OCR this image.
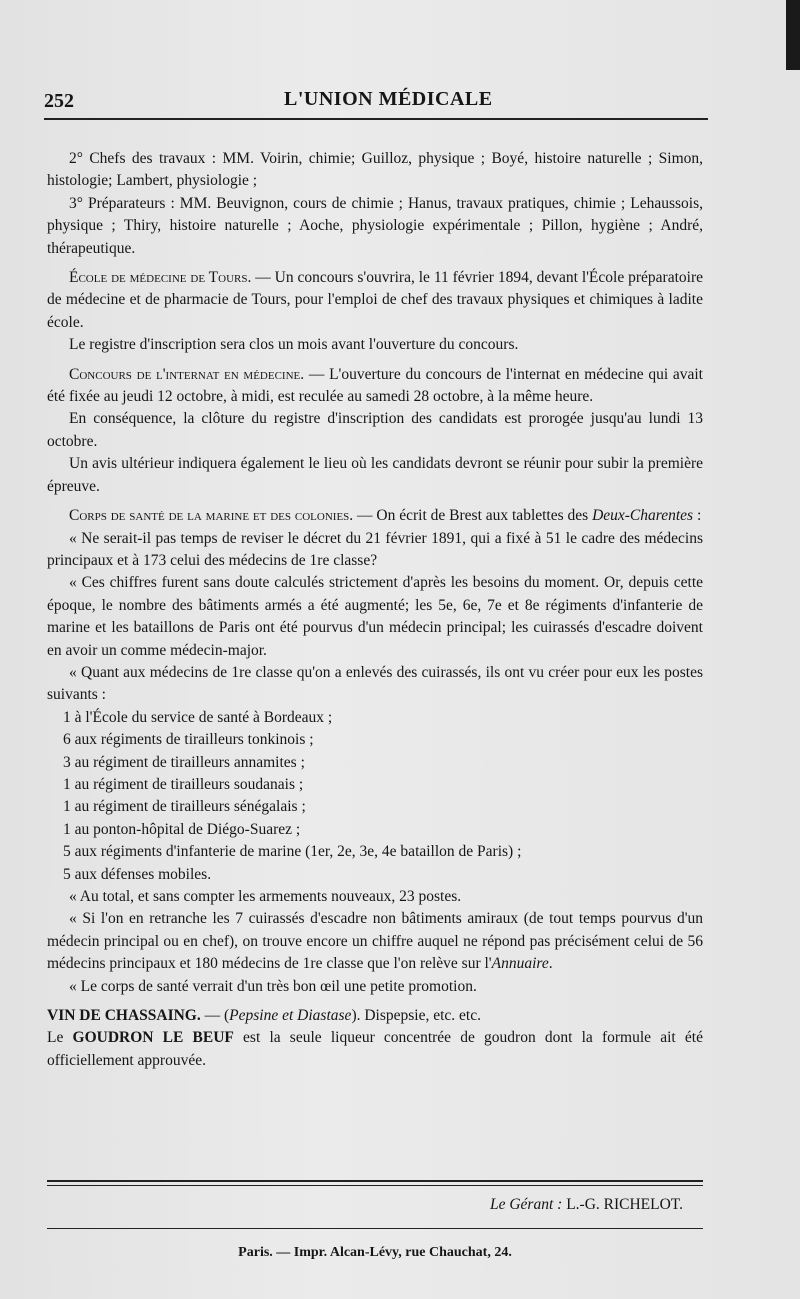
252	L'UNION MÉDICALE

2° Chefs des travaux : MM. Voirin, chimie; Guilloz, physique ; Boyé, histoire naturelle ; Simon, histologie; Lambert, physiologie ;

3° Préparateurs : MM. Beuvignon, cours de chimie ; Hanus, travaux pratiques, chimie ; Lehaussois, physique ; Thiry, histoire naturelle ; Aoche, physiologie expérimentale ; Pillon, hygiène ; André, thérapeutique.

École de médecine de Tours. — Un concours s'ouvrira, le 11 février 1894, devant l'École préparatoire de médecine et de pharmacie de Tours, pour l'emploi de chef des travaux physiques et chimiques à ladite école.

Le registre d'inscription sera clos un mois avant l'ouverture du concours.

Concours de l'internat en médecine. — L'ouverture du concours de l'internat en médecine qui avait été fixée au jeudi 12 octobre, à midi, est reculée au samedi 28 octobre, à la même heure.

En conséquence, la clôture du registre d'inscription des candidats est prorogée jusqu'au lundi 13 octobre.

Un avis ultérieur indiquera également le lieu où les candidats devront se réunir pour subir la première épreuve.

Corps de santé de la marine et des colonies. — On écrit de Brest aux tablettes des Deux-Charentes :

« Ne serait-il pas temps de reviser le décret du 21 février 1891, qui a fixé à 51 le cadre des médecins principaux et à 173 celui des médecins de 1re classe?

« Ces chiffres furent sans doute calculés strictement d'après les besoins du moment. Or, depuis cette époque, le nombre des bâtiments armés a été augmenté; les 5e, 6e, 7e et 8e régiments d'infanterie de marine et les bataillons de Paris ont été pourvus d'un médecin principal; les cuirassés d'escadre doivent en avoir un comme médecin-major.

« Quant aux médecins de 1re classe qu'on a enlevés des cuirassés, ils ont vu créer pour eux les postes suivants :

1 à l'École du service de santé à Bordeaux ;
6 aux régiments de tirailleurs tonkinois ;
3 au régiment de tirailleurs annamites ;
1 au régiment de tirailleurs soudanais ;
1 au régiment de tirailleurs sénégalais ;
1 au ponton-hôpital de Diégo-Suarez ;
5 aux régiments d'infanterie de marine (1er, 2e, 3e, 4e bataillon de Paris) ;
5 aux défenses mobiles.

« Au total, et sans compter les armements nouveaux, 23 postes.

« Si l'on en retranche les 7 cuirassés d'escadre non bâtiments amiraux (de tout temps pourvus d'un médecin principal ou en chef), on trouve encore un chiffre auquel ne répond pas précisément celui de 56 médecins principaux et 180 médecins de 1re classe que l'on relève sur l'Annuaire.

« Le corps de santé verrait d'un très bon œil une petite promotion.

VIN DE CHASSAING. — (Pepsine et Diastase). Dispepsie, etc. etc.

Le GOUDRON LE BEUF est la seule liqueur concentrée de goudron dont la formule ait été officiellement approuvée.

Le Gérant : L.-G. RICHELOT.
Paris. — Impr. Alcan-Lévy, rue Chauchat, 24.
